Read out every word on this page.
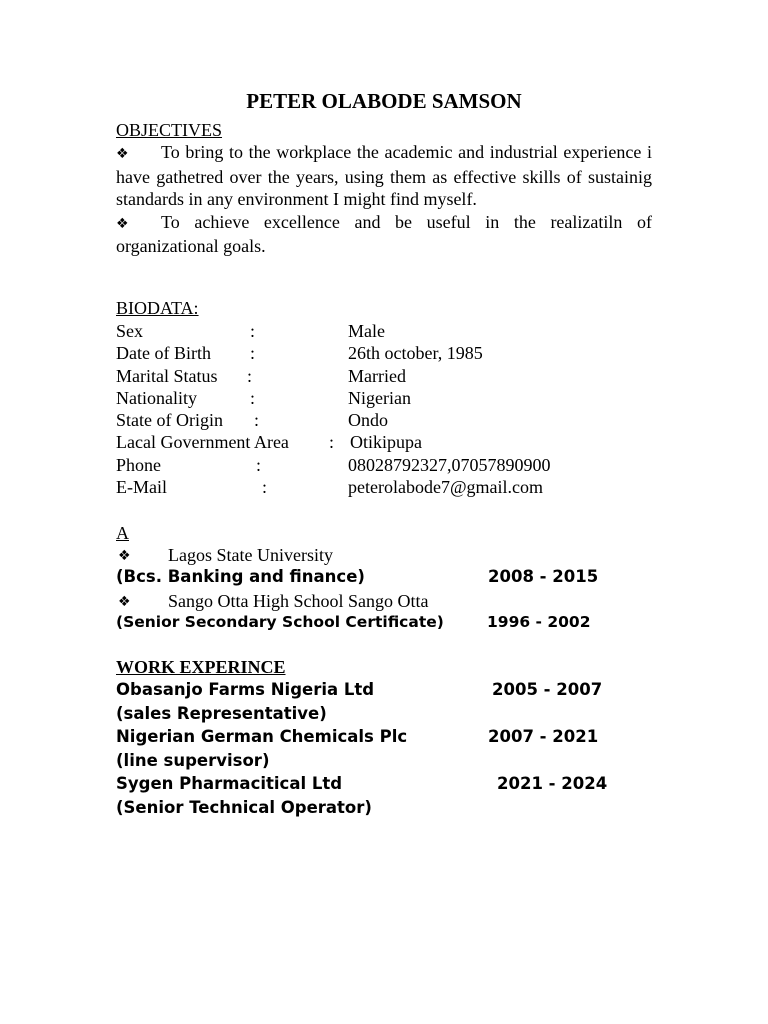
PETER OLABODE SAMSON
OBJECTIVES
❖ To bring to the workplace the academic and industrial experience i have gathetred over the years, using them as effective skills of sustainig standards in any environment I might find myself.
❖ To achieve excellence and be useful in the realizatiln of organizational goals.
BIODATA:
Sex	:	Male
Date of Birth :	26th october, 1985
Marital Status :	Married
Nationality	:	Nigerian
State of Origin :	Ondo
Lacal Government Area : Otikipupa
Phone	:	08028792327,07057890900
E-Mail	:	peterolabode7@gmail.com
A
❖ Lagos State University
(Bcs. Banking and finance)	2008 - 2015
❖ Sango Otta High School Sango Otta
(Senior Secondary School Certificate)	1996 - 2002
WORK EXPERINCE
Obasanjo Farms Nigeria Ltd	2005 - 2007
(sales Representative)
Nigerian German Chemicals Plc	2007 - 2021
(line supervisor)
Sygen Pharmacitical Ltd	2021 - 2024
(Senior Technical Operator)
